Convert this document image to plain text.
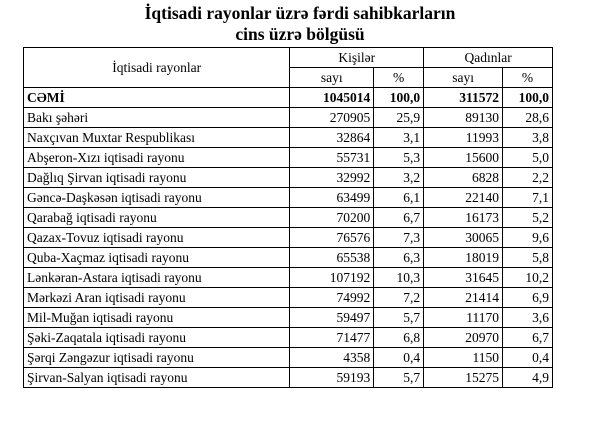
İqtisadi rayonlar üzrə fərdi sahibkarların
cins üzrə bölgüsü
İqtisadi rayonlar	Kişilər		Qadınlar	
	sayı	%	sayı	%
CƏMİ	1045014	100,0	311572	100,0
Bakı şəhəri	270905	25,9	89130	28,6
Naxçıvan Muxtar Respublikası	32864	3,1	11993	3,8
Abşeron-Xızı iqtisadi rayonu	55731	5,3	15600	5,0
Dağlıq Şirvan iqtisadi rayonu	32992	3,2	6828	2,2
Gəncə-Daşkəsən iqtisadi rayonu	63499	6,1	22140	7,1
Qarabağ iqtisadi rayonu	70200	6,7	16173	5,2
Qazax-Tovuz iqtisadi rayonu	76576	7,3	30065	9,6
Quba-Xaçmaz iqtisadi rayonu	65538	6,3	18019	5,8
Lənkəran-Astara iqtisadi rayonu	107192	10,3	31645	10,2
Mərkəzi Aran iqtisadi rayonu	74992	7,2	21414	6,9
Mil-Muğan iqtisadi rayonu	59497	5,7	11170	3,6
Şəki-Zaqatala iqtisadi rayonu	71477	6,8	20970	6,7
Şərqi Zəngəzur iqtisadi rayonu	4358	0,4	1150	0,4
Şirvan-Salyan iqtisadi rayonu	59193	5,7	15275	4,9
